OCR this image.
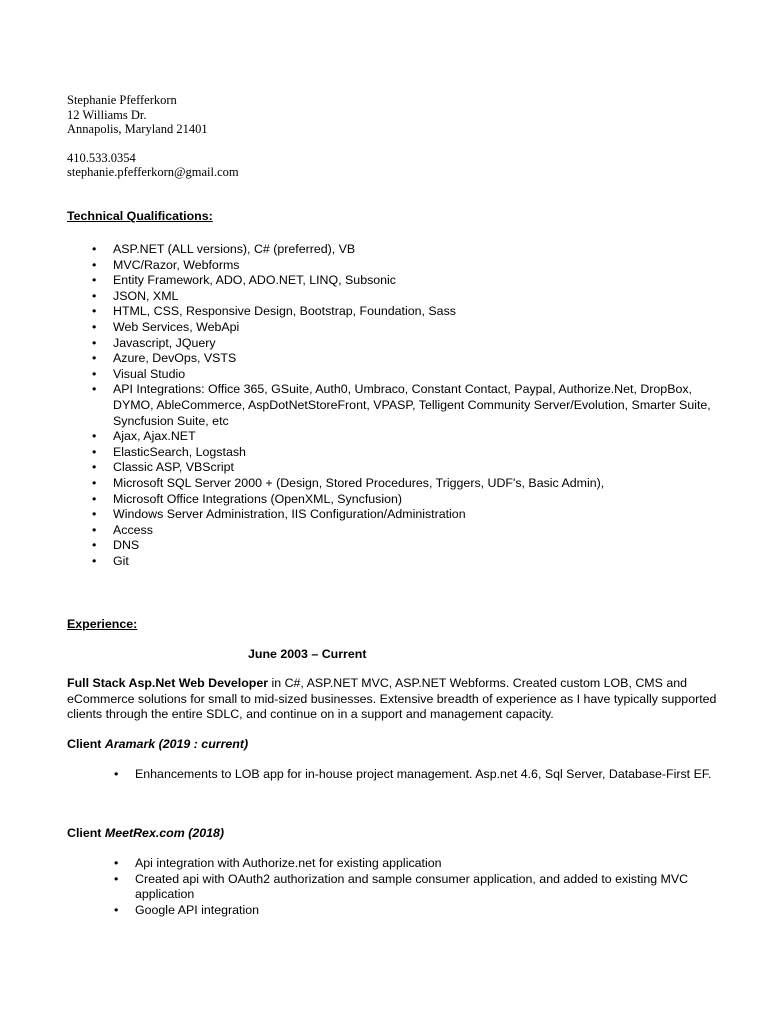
Stephanie Pfefferkorn
12 Williams Dr.
Annapolis, Maryland 21401
410.533.0354
stephanie.pfefferkorn@gmail.com
Technical Qualifications:
• ASP.NET (ALL versions), C# (preferred), VB
• MVC/Razor, Webforms
• Entity Framework, ADO, ADO.NET, LINQ, Subsonic
• JSON, XML
• HTML, CSS, Responsive Design, Bootstrap, Foundation, Sass
• Web Services, WebApi
• Javascript, JQuery
• Azure, DevOps, VSTS
• Visual Studio
• API Integrations: Office 365, GSuite, Auth0, Umbraco, Constant Contact, Paypal, Authorize.Net, DropBox, DYMO, AbleCommerce, AspDotNetStoreFront, VPASP, Telligent Community Server/Evolution, Smarter Suite, Syncfusion Suite, etc
• Ajax, Ajax.NET
• ElasticSearch, Logstash
• Classic ASP, VBScript
• Microsoft SQL Server 2000 + (Design, Stored Procedures, Triggers, UDF's, Basic Admin),
• Microsoft Office Integrations (OpenXML, Syncfusion)
• Windows Server Administration, IIS Configuration/Administration
• Access
• DNS
• Git
Experience:
June 2003 – Current
Full Stack Asp.Net Web Developer in C#, ASP.NET MVC, ASP.NET Webforms. Created custom LOB, CMS and eCommerce solutions for small to mid-sized businesses. Extensive breadth of experience as I have typically supported clients through the entire SDLC, and continue on in a support and management capacity.
Client Aramark (2019 : current)
• Enhancements to LOB app for in-house project management. Asp.net 4.6, Sql Server, Database-First EF.
Client MeetRex.com (2018)
• Api integration with Authorize.net for existing application
• Created api with OAuth2 authorization and sample consumer application, and added to existing MVC application
• Google API integration
